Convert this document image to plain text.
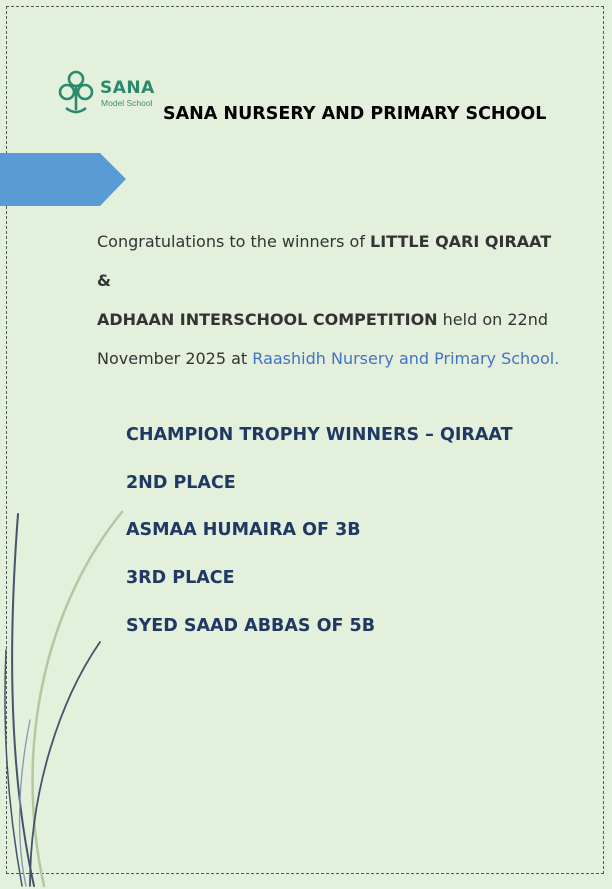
SANA
Model School
SANA NURSERY AND PRIMARY SCHOOL
Congratulations to the winners of LITTLE QARI QIRAAT &
ADHAAN INTERSCHOOL COMPETITION held on 22nd November 2025 at Raashidh Nursery and Primary School.
CHAMPION TROPHY WINNERS – QIRAAT
2ND PLACE
ASMAA HUMAIRA OF 3B
3RD PLACE
SYED SAAD ABBAS OF 5B
